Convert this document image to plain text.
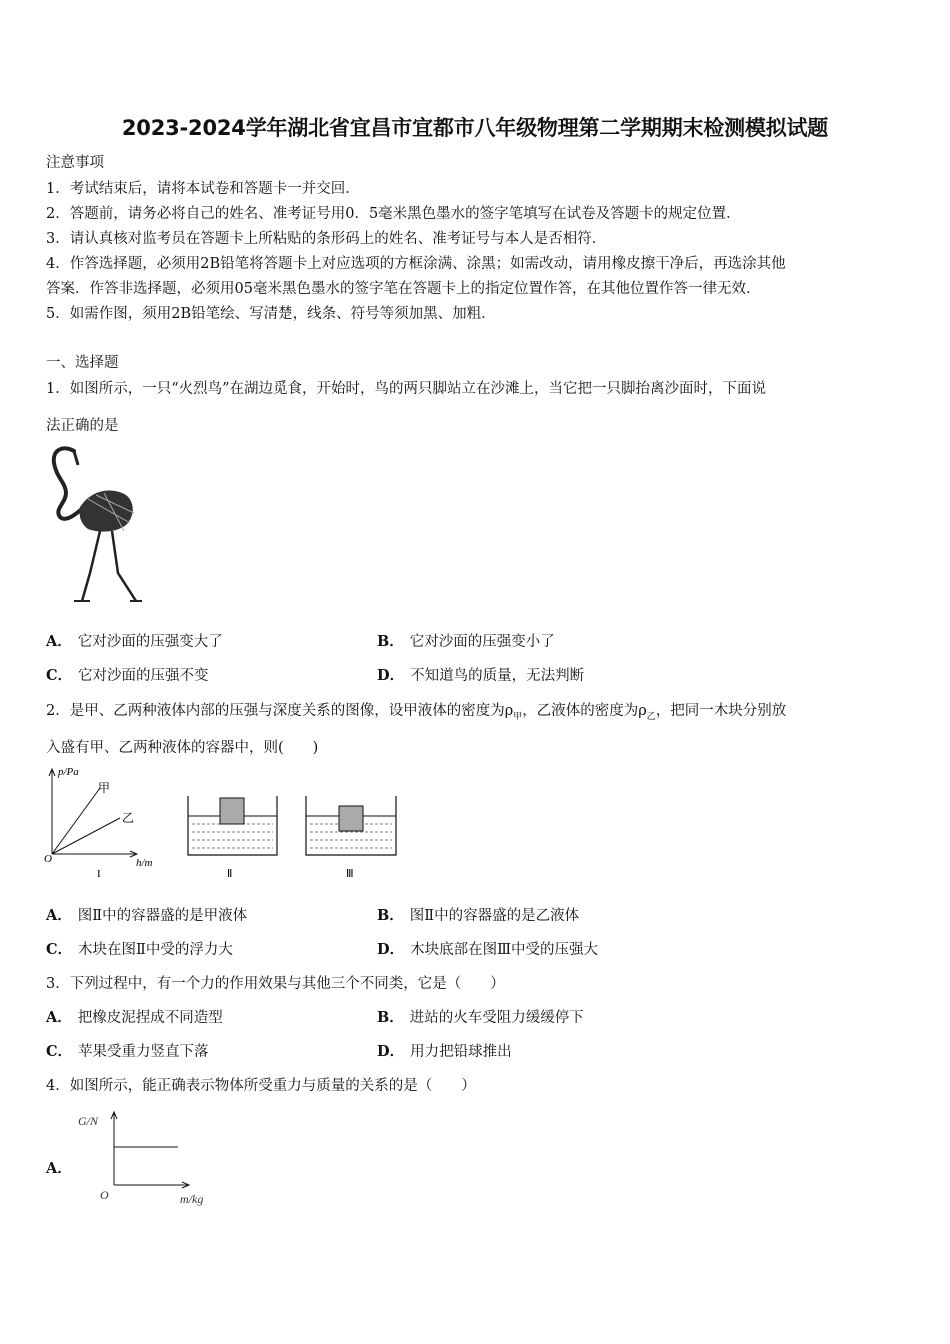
2023-2024学年湖北省宜昌市宜都市八年级物理第二学期期末检测模拟试题
注意事项
1．考试结束后，请将本试卷和答题卡一并交回．
2．答题前，请务必将自己的姓名、准考证号用0．5毫米黑色墨水的签字笔填写在试卷及答题卡的规定位置．
3．请认真核对监考员在答题卡上所粘贴的条形码上的姓名、准考证号与本人是否相符．
4．作答选择题，必须用2B铅笔将答题卡上对应选项的方框涂满、涂黑；如需改动，请用橡皮擦干净后，再选涂其他
答案．作答非选择题，必须用05毫米黑色墨水的签字笔在答题卡上的指定位置作答，在其他位置作答一律无效．
5．如需作图，须用2B铅笔绘、写清楚，线条、符号等须加黑、加粗．
一、选择题
1．如图所示，一只“火烈鸟”在湖边觅食，开始时，鸟的两只脚站立在沙滩上，当它把一只脚抬离沙面时，下面说
法正确的是
A． 它对沙面的压强变大了	B． 它对沙面的压强变小了
C． 它对沙面的压强不变	D． 不知道鸟的质量，无法判断
2．是甲、乙两种液体内部的压强与深度关系的图像，设甲液体的密度为$\rho_甲$，乙液体的密度为$\rho_乙$，把同一木块分别放
入盛有甲、乙两种液体的容器中，则(　　)
p/Pa
甲
乙
O	h/m
I	Ⅱ	Ⅲ
A． 图Ⅱ中的容器盛的是甲液体	B． 图Ⅱ中的容器盛的是乙液体
C． 木块在图Ⅱ中受的浮力大	D． 木块底部在图Ⅲ中受的压强大
3．下列过程中，有一个力的作用效果与其他三个不同类，它是（　　）
A． 把橡皮泥捏成不同造型	B． 进站的火车受阻力缓缓停下
C． 苹果受重力竖直下落	D． 用力把铅球推出
4．如图所示，能正确表示物体所受重力与质量的关系的是（　　）
A．
G/N
O	m/kg
